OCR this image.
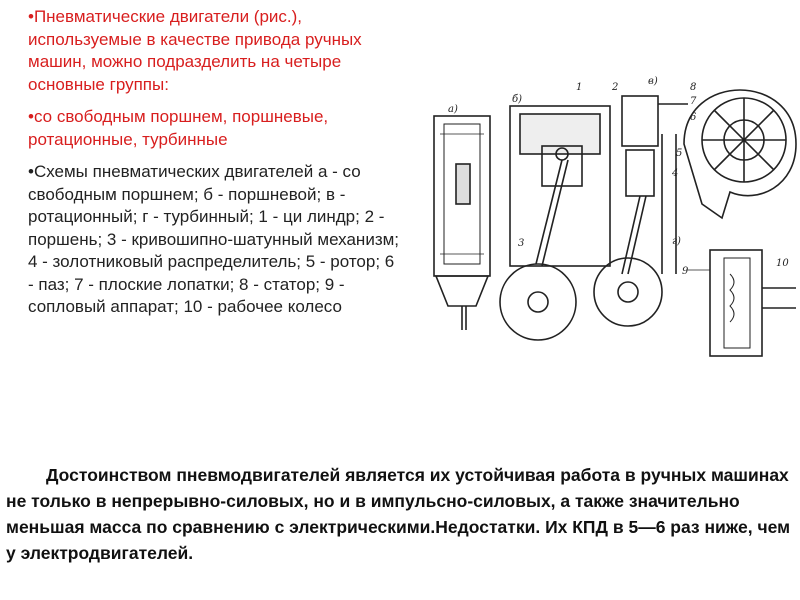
•Пневматические двигатели (рис.), используемые в качестве привода ручных машин, можно подразделить на четыре основные группы:
•со свободным поршнем, поршневые, ротационные, турбинные
•Схемы пневматических двигателей а - со свободным поршнем; б - поршневой; в - ротационный; г - турбинный; 1 - ци линдр; 2 - поршень; 3 - кривошипно-шатунный механизм; 4 - золотниковый распределитель; 5 - ротор; 6 - паз; 7 - плоские лопатки; 8 - статор; 9 - сопловый аппарат; 10 - рабочее колесо
а)
б)
в)
г)
1	2
3
4
5
6
7
8
9
10
Достоинством пневмодвигателей является их устойчивая работа в ручных машинах не только в непрерывно-силовых, но и в импульсно-силовых, а также значительно меньшая масса по сравнению с электрическими.Недостатки. Их КПД в 5—6 раз ниже, чем у электродвигателей.
